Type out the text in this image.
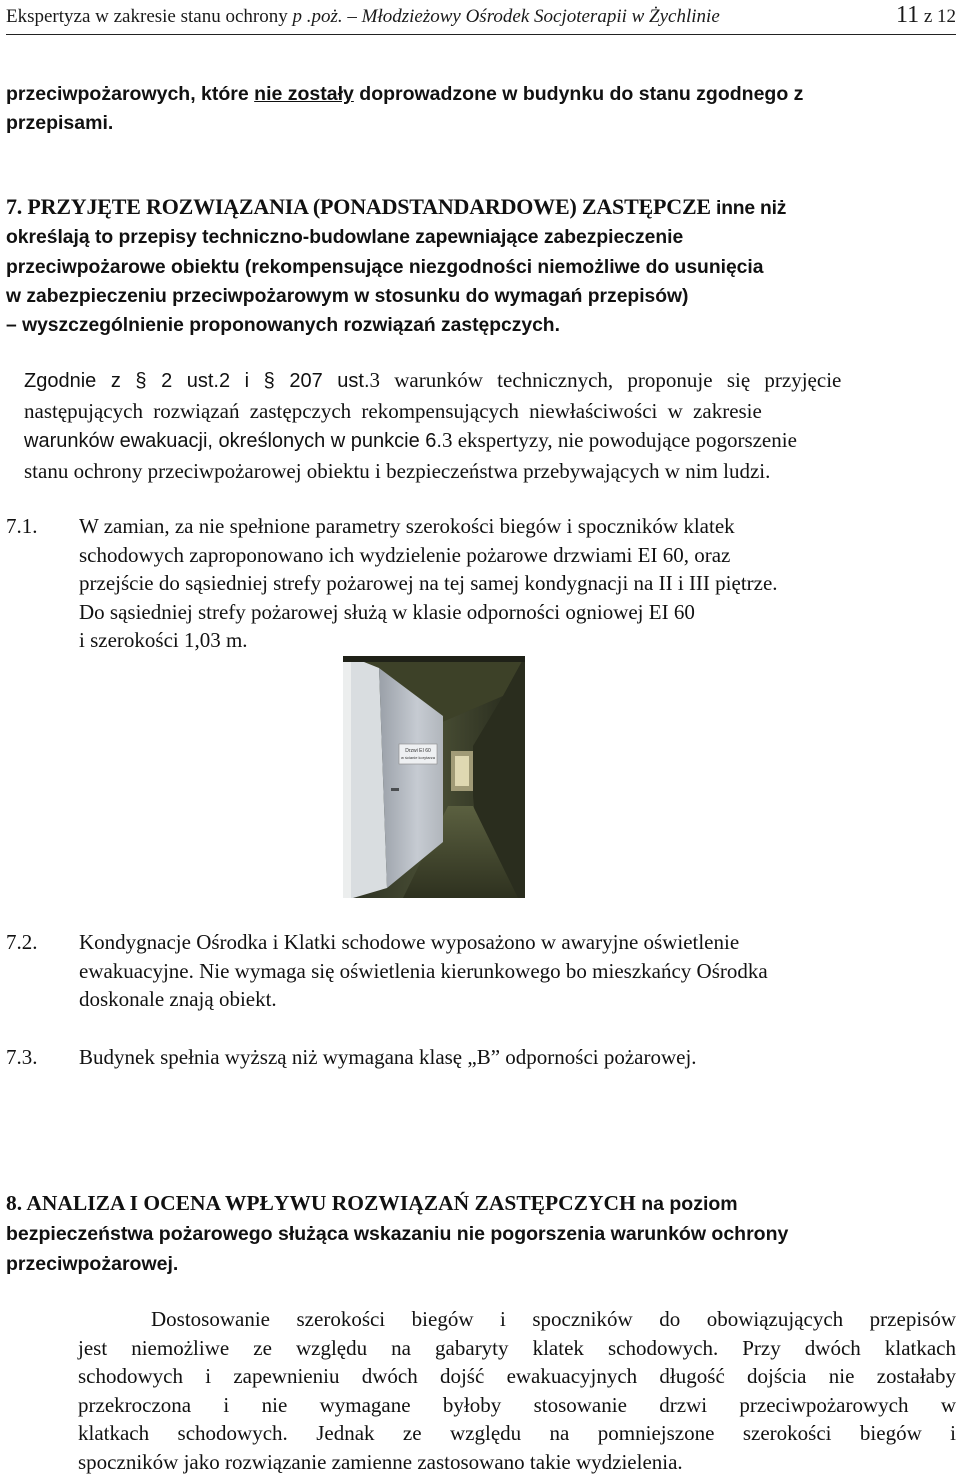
Ekspertyza w zakresie stanu ochrony p .poż. – Młodzieżowy Ośrodek Socjoterapii w Żychlinie	11 z 12
przeciwpożarowych, które nie zostały doprowadzone w budynku do stanu zgodnego z
przepisami.
7. PRZYJĘTE ROZWIĄZANIA (PONADSTANDARDOWE) ZASTĘPCZE inne niż
określają to przepisy techniczno-budowlane zapewniające zabezpieczenie
przeciwpożarowe obiektu (rekompensujące niezgodności niemożliwe do usunięcia
w zabezpieczeniu przeciwpożarowym w stosunku do wymagań przepisów)
– wyszczególnienie proponowanych rozwiązań zastępczych.
Zgodnie z § 2 ust.2 i § 207 ust.3 warunków technicznych, proponuje się przyjęcie
następujących rozwiązań zastępczych rekompensujących niewłaściwości w zakresie
warunków ewakuacji, określonych w punkcie 6.3 ekspertyzy, nie powodujące pogorszenie
stanu ochrony przeciwpożarowej obiektu i bezpieczeństwa przebywających w nim ludzi.
7.1.	W zamian, za nie spełnione parametry szerokości biegów i spoczników klatek
schodowych zaproponowano ich wydzielenie pożarowe drzwiami EI 60, oraz
przejście do sąsiedniej strefy pożarowej na tej samej kondygnacji na II i III piętrze.
Do sąsiedniej strefy pożarowej służą w klasie odporności ogniowej EI 60
i szerokości 1,03 m.
Drzwi EI 60
w ścianie korytarza
7.2.	Kondygnacje Ośrodka i Klatki schodowe wyposażono w awaryjne oświetlenie
ewakuacyjne. Nie wymaga się oświetlenia kierunkowego bo mieszkańcy Ośrodka
doskonale znają obiekt.
7.3.	Budynek spełnia wyższą niż wymagana klasę „B” odporności pożarowej.
8. ANALIZA I OCENA WPŁYWU ROZWIĄZAŃ ZASTĘPCZYCH na poziom
bezpieczeństwa pożarowego służąca wskazaniu nie pogorszenia warunków ochrony
przeciwpożarowej.
Dostosowanie szerokości biegów i spoczników do obowiązujących przepisów
jest niemożliwe ze względu na gabaryty klatek schodowych. Przy dwóch klatkach
schodowych i zapewnieniu dwóch dojść ewakuacyjnych długość dojścia nie zostałaby
przekroczona i nie wymagane byłoby stosowanie drzwi przeciwpożarowych w
klatkach schodowych. Jednak ze względu na pomniejszone szerokości biegów i
spoczników jako rozwiązanie zamienne zastosowano takie wydzielenia.
